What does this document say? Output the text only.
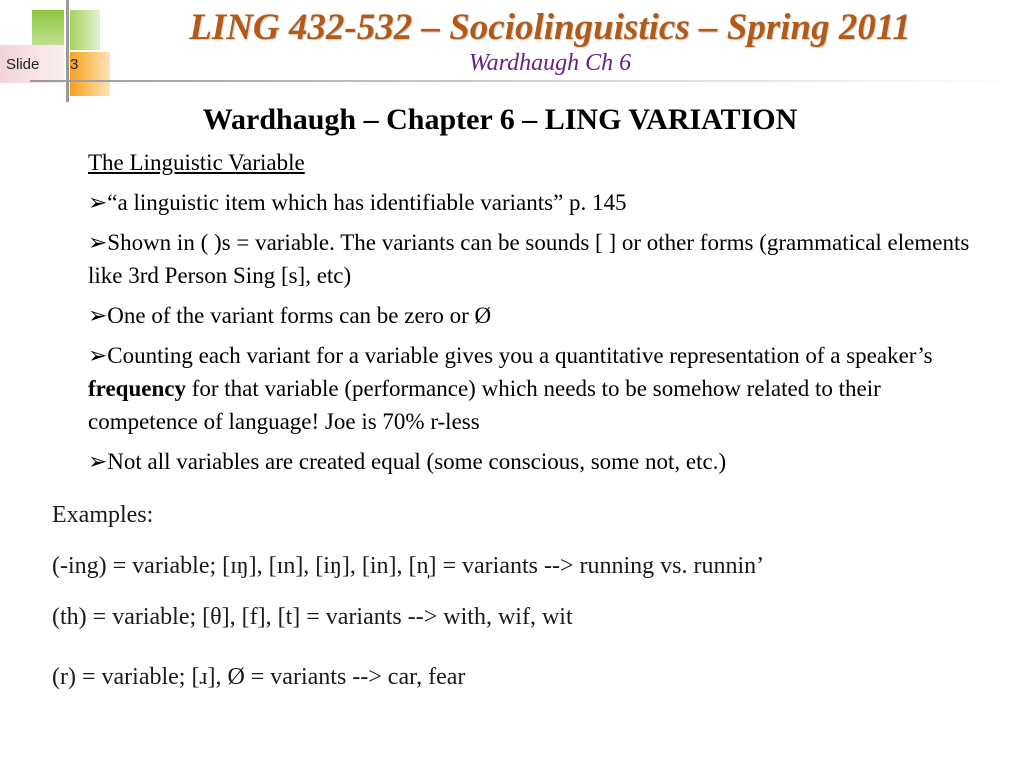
Slide 3
LING 432-532 – Sociolinguistics – Spring 2011
Wardhaugh Ch 6
Wardhaugh – Chapter 6 – LING VARIATION
The Linguistic Variable
➢“a linguistic item which has identifiable variants” p. 145
➢Shown in ( )s = variable. The variants can be sounds [ ] or other forms (grammatical elements like 3rd Person Sing [s], etc)
➢One of the variant forms can be zero or Ø
➢Counting each variant for a variable gives you a quantitative representation of a speaker’s frequency for that variable (performance) which needs to be somehow related to their competence of language! Joe is 70% r-less
➢Not all variables are created equal (some conscious, some not, etc.)
Examples:
(-ing) = variable; [ɪŋ], [ɪn], [iŋ], [in], [n̩] = variants --> running vs. runnin’
(th) = variable; [θ], [f], [t] = variants --> with, wif, wit
(r) = variable; [ɹ], Ø = variants --> car, fear
